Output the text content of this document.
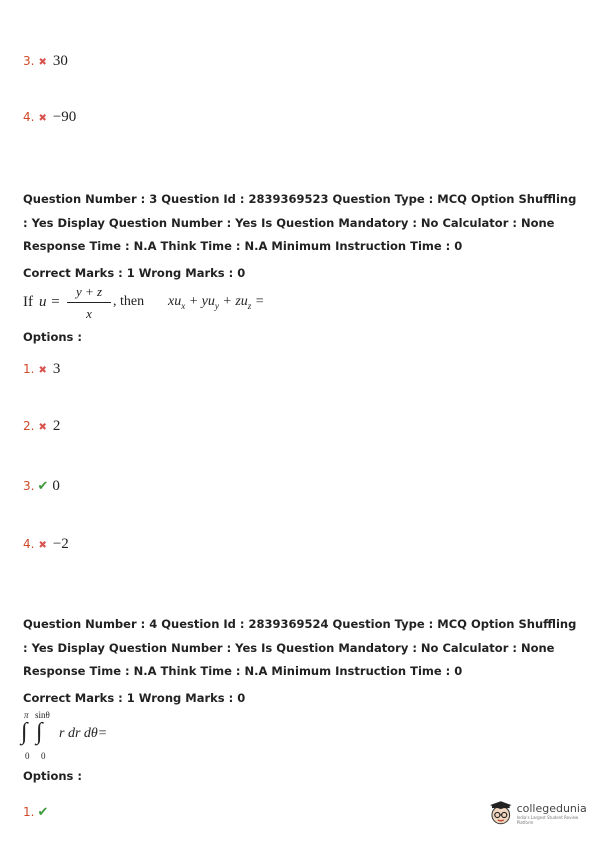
3. ✖ 30
4. ✖ −90
Question Number : 3 Question Id : 2839369523 Question Type : MCQ Option Shuffling : Yes Display Question Number : Yes Is Question Mandatory : No Calculator : None Response Time : N.A Think Time : N.A Minimum Instruction Time : 0
Correct Marks : 1 Wrong Marks : 0
If u =
y + z
x
, then $xu_x + yu_y + zu_z$ =
Options :
1. ✖ 3
2. ✖ 2
3. ✔ 0
4. ✖ −2
Question Number : 4 Question Id : 2839369524 Question Type : MCQ Option Shuffling : Yes Display Question Number : Yes Is Question Mandatory : No Calculator : None Response Time : N.A Think Time : N.A Minimum Instruction Time : 0
Correct Marks : 1 Wrong Marks : 0
π sinθ
∫ ∫
0 0
r dr dθ=
Options :
1. ✔	collegedunia
India's Largest Student Review Platform
